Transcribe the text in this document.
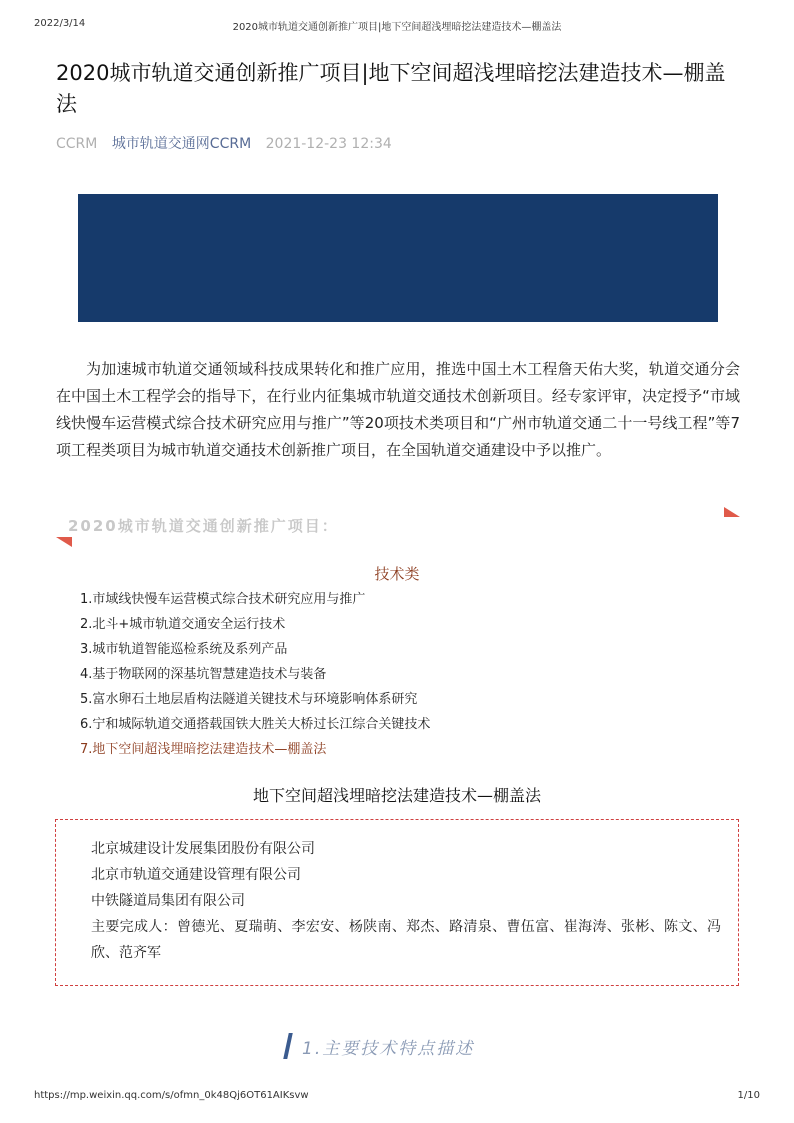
2022/3/14	2020城市轨道交通创新推广项目|地下空间超浅埋暗挖法建造技术—棚盖法
2020城市轨道交通创新推广项目|地下空间超浅埋暗挖法建造技术—棚盖法
CCRM 城市轨道交通网CCRM 2021-12-23 12:34

为加速城市轨道交通领域科技成果转化和推广应用，推选中国土木工程詹天佑大奖，轨道交通分会在中国土木工程学会的指导下，在行业内征集城市轨道交通技术创新项目。经专家评审，决定授予“市域线快慢车运营模式综合技术研究应用与推广”等20项技术类项目和“广州市轨道交通二十一号线工程”等7项工程类项目为城市轨道交通技术创新推广项目，在全国轨道交通建设中予以推广。

2020城市轨道交通创新推广项目：
技术类
1.市域线快慢车运营模式综合技术研究应用与推广
2.北斗+城市轨道交通安全运行技术
3.城市轨道智能巡检系统及系列产品
4.基于物联网的深基坑智慧建造技术与装备
5.富水卵石土地层盾构法隧道关键技术与环境影响体系研究
6.宁和城际轨道交通搭载国铁大胜关大桥过长江综合关键技术
7.地下空间超浅埋暗挖法建造技术—棚盖法
地下空间超浅埋暗挖法建造技术—棚盖法
北京城建设计发展集团股份有限公司
北京市轨道交通建设管理有限公司
中铁隧道局集团有限公司
主要完成人：曾德光、夏瑞萌、李宏安、杨陕南、郑杰、路清泉、曹伍富、崔海涛、张彬、陈文、冯欣、范齐军
1.主要技术特点描述
https://mp.weixin.qq.com/s/ofmn_0k48Qj6OT61AIKsvw	1/10
